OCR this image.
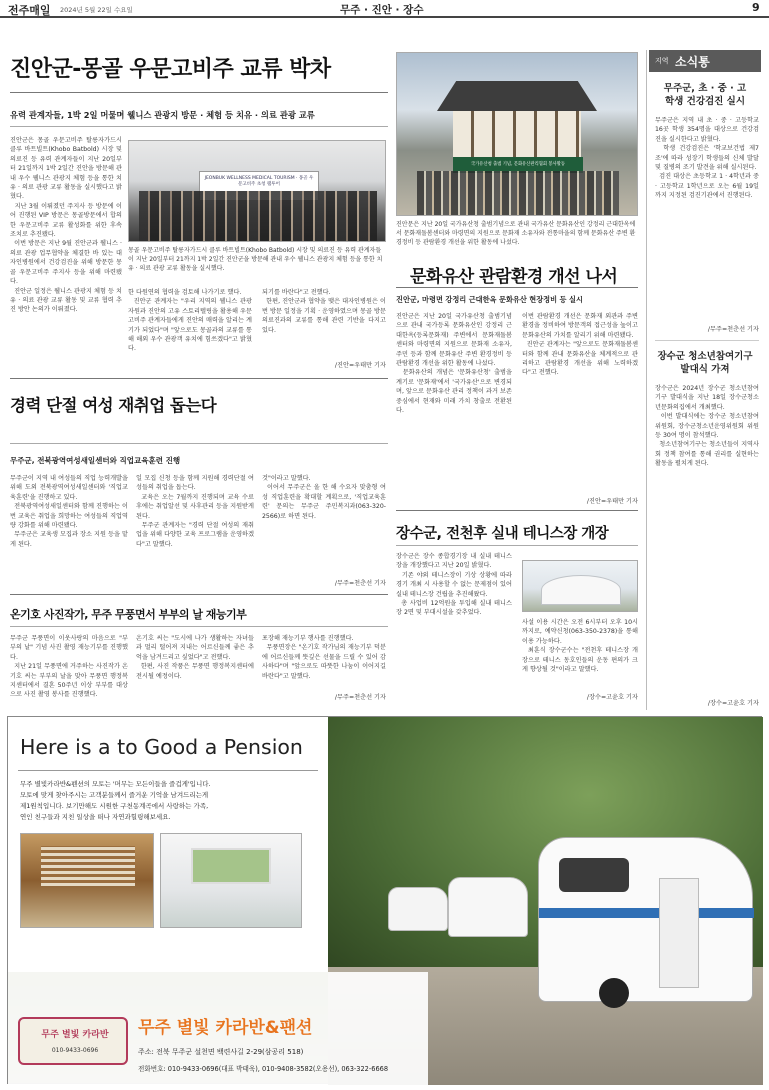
전주매일 2024년 5월 22일 수요일	무주 · 진안 · 장수	9
진안군-몽골 우문고비주 교류 박차
유력 관계자들, 1박 2일 머물며 웰니스 관광지 방문 · 체험 등 치유 · 의료 관광 교류
진안군은 몽골 우문고비주 탈릉자가드시 클루 바트빌트(Khobo Batbold) 시장 및 의료진 등 유력 관계자들이 지난 20일부터 21일까지 1박 2일간 진안을 방문해 관내 우수 웰니스 관광지 체험 등을 통한 치유 · 의료 관광 교류 활동을 실시했다고 밝혔다.
지난 3월 이뤄졌던 주지사 등 방문에 이어 진행된 VIP 방문은 몽골방문에서 합의한 우문고비주 교류 활성화를 위한 후속 조치로 추진됐다.
이번 방문은 지난 9월 진안군과 웰니스 · 의료 관광 업무협약을 체결한 바 있는 대자인병원에서 건강검진을 위해 방문한 몽골 우문고비주 주지사 등을 위해 마련됐다.
진안군 일정은 웰니스 관광지 체험 등 치유 · 의료 관광 교류 활동 및 교류 협력 추진 방안 논의가 이뤄졌다.
JEONBUK WELLNESS MEDICAL TOURISM · 몽골 우문고비주 초청 팸투어
몽골 우문고비주 탈릉자가드시 클루 바트빌트(Khobo Batbold) 시장 및 의료진 등 유력 관계자들이 지난 20일부터 21까지 1박 2일간 진안군을 방문해 관내 우수 웰니스 관광지 체험 등을 통한 치유 · 의료 관광 교류 활동을 실시했다.
한 다원연의 협력을 검토해 나가기로 했다.
진안군 관계자는 "우리 지역의 웰니스 관광자원과 진안의 고유 스토리텔링을 활용해 우문고비주 관계자들에게 진안의 매력을 알리는 계기가 되었다"며 "앞으로도 몽골과의 교류를 통해 해외 우수 관광객 유치에 힘쓰겠다"고 밝혔다.
되기를 바란다"고 전했다.
한편, 진안군과 협약을 맺은 대자인병원은 이번 방문 일정을 기획 · 운영하였으며 몽골 방문 의료진과의 교류를 통해 관련 기반을 다지고 있다.
/진안=우태만 기자
국가유산청 출범 기념, 문화유산관리협회 봉사활동
진안문은 지난 20일 국가유산청 출범기념으로 관내 국가유산 문화유산인 강정리 근대한옥에서 문화재돌봄센터와 마령면의 지원으로 문화재 소유자와 전통마을의 함께 문화유산 주변 환경정비 등 관람환경 개선을 위한 활동에 나섰다.
문화유산 관람환경 개선 나서
진안군, 마령면 강정리 근대한옥 문화유산 현장정비 등 실시
진안군은 지난 20일 국가유산청 출범기념으로 관내 국가등록 문화유산인 강정리 근대한옥(등록문화재) 주변에서 문화재돌봄센터와 마령면의 지원으로 문화재 소유자, 주민 등과 함께 문화유산 주변 환경정비 등 관람환경 개선을 위한 활동에 나섰다.
문화유산의 개념은 '문화유산청' 출범을 계기로 '문화재'에서 '국가유산'으로 변경되며, 앞으로 문화유산 관리 정책이 과거 보존 중심에서 현재와 미래 가치 창출로 전환된다.
이번 관람환경 개선은 문화재 외관과 주변 환경을 정비하여 방문객의 접근성을 높이고 문화유산의 가치를 알리기 위해 마련됐다.
진안군 관계자는 "앞으로도 문화재돌봄센터와 함께 관내 문화유산을 체계적으로 관리하고 관람환경 개선을 위해 노력하겠다"고 전했다.
/진안=우태만 기자
경력 단절 여성 재취업 돕는다
무주군, 전북광역여성새일센터와 직업교육훈련 진행
무주군이 지역 내 여성들의 직업 능력개발을 위해 도외 전북광역여성새일센터와 '직업교육훈련'을 진행하고 있다.
전북광역여성새일센터와 함께 진행하는 이번 교육은 취업을 희망하는 여성들의 직업역량 강화를 위해 마련됐다.
무주군은 교육생 모집과 장소 지원 등을 맡게 된다.
일 모집 신청 등을 함께 지원해 경력단절 여성들의 취업을 돕는다.
교육은 오는 7월까지 진행되며 교육 수료 후에는 취업알선 및 사후관리 등을 지원받게 된다.
무주군 관계자는 "경력 단절 여성의 재취업을 위해 다양한 교육 프로그램을 운영하겠다"고 말했다.
것"이라고 말했다.
이어서 무주군은 올 한 해 수요자 맞춤형 여성 직업훈련을 확대할 계획으로, '직업교육훈련' 문의는 무주군 주민복지과(063-320-2566)로 하면 된다.
/무주=천춘선 기자
온기호 사진작가, 무주 무풍면서 부부의 날 재능기부
무주군 무풍면이 이웃사랑의 마음으로 "부부의 날" 기념 사진 촬영 재능기부를 진행했다.
지난 21일 무풍면에 거주하는 사진작가 온기호 씨는 부부의 날을 맞아 무풍면 행정복지센터에서 결혼 50주년 이상 부부를 대상으로 사진 촬영 봉사를 진행했다.
온기호 씨는 "도시에 나가 생활하는 자녀들과 멀리 떨어져 지내는 어르신들께 좋은 추억을 남겨드리고 싶었다"고 전했다.
한편, 사진 작품은 무풍면 행정복지센터에 전시될 예정이다.
포장해 재능기부 행사를 진행했다.
무풍면장은 "온기호 작가님의 재능기부 덕분에 어르신들께 뜻깊은 선물을 드릴 수 있어 감사하다"며 "앞으로도 따뜻한 나눔이 이어지길 바란다"고 말했다.
/무주=천춘선 기자
장수군, 전천후 실내 테니스장 개장
장수군은 장수 종합경기장 내 실내 테니스장을 개장했다고 지난 20일 밝혔다.
기존 야외 테니스장이 기상 상황에 따라 경기 개최 시 사용할 수 없는 문제점이 있어 실내 테니스장 건립을 추진해왔다.
총 사업비 12억원을 투입해 실내 테니스장 2면 및 부대시설을 갖추었다.
사설 이용 시간은 오전 6시부터 오후 10시까지로, 예약신청(063-350-2378)을 통해 이용 가능하다.
최훈식 장수군수는 "전천후 테니스장 개장으로 테니스 동호인들의 운동 편의가 크게 향상될 것"이라고 말했다.
/장수=고윤호 기자
지역 소식통
무주군, 초 · 중 · 고
학생 건강검진 실시
무주군은 지역 내 초 · 중 · 고등학교 16곳 학생 354명을 대상으로 건강검진을 실시한다고 밝혔다.
학생 건강검진은 '학교보건법 제7조'에 따라 성장기 학생들의 신체 발달 및 질병의 조기 발견을 위해 실시된다.
검진 대상은 초등학교 1 · 4학년과 중 · 고등학교 1학년으로 오는 6월 19일까지 지정된 검진기관에서 진행된다.
/무주=천춘선 기자
장수군 청소년참여기구
발대식 가져
장수군은 2024년 장수군 청소년참여기구 발대식을 지난 18일 장수군청소년문화의집에서 개최했다.
이번 발대식에는 장수군 청소년참여위원회, 장수군청소년운영위원회 위원 등 30여 명이 참석했다.
청소년참여기구는 청소년들이 지역사회 정책 참여를 통해 권리를 실현하는 활동을 펼치게 된다.
/장수=고윤호 기자
Here is a to Good a Pension
무주 별빛카라반&펜션의 모토는 '머무는 모든이들을 즐겁게'입니다.
모토에 맞게 찾아주시는 고객분들께서 즐거운 기억을 남겨드리는게
제1원칙입니다. 보기만해도 시원한 구천동계곡에서 사랑하는 가족,
연인 친구들과 지친 일상을 떠나 자연과힐링해보세요.
무주 별빛 카라반
010-9433-0696
무주 별빛 카라반&팬션
주소: 전북 무주군 설천면 백련사길 2-29(삼공리 518)
전화번호: 010-9433-0696(대표 박태욱), 010-9408-3582(오용선), 063-322-6668
